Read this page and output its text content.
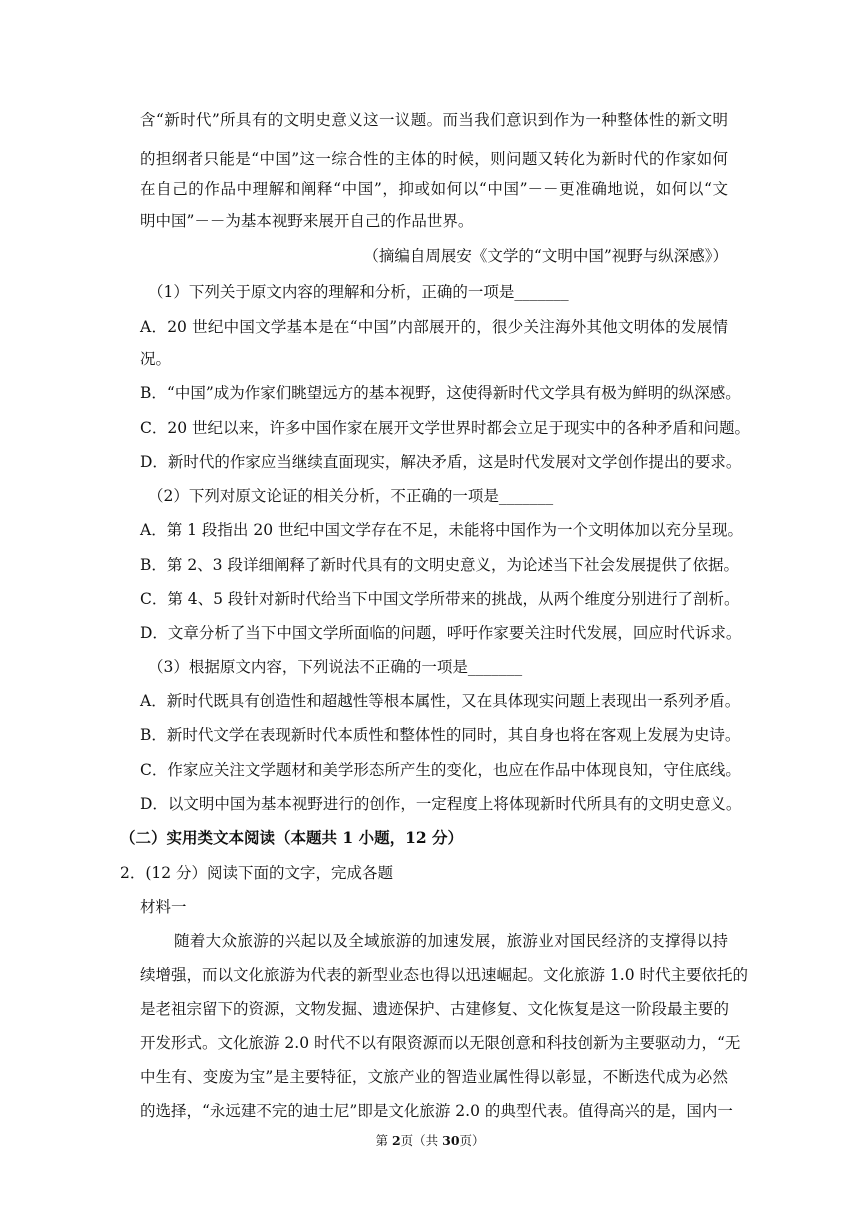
含“新时代”所具有的文明史意义这一议题。而当我们意识到作为一种整体性的新文明
的担纲者只能是“中国”这一综合性的主体的时候，则问题又转化为新时代的作家如何
在自己的作品中理解和阐释“中国”，抑或如何以“中国”－－更准确地说，如何以“文
明中国”－－为基本视野来展开自己的作品世界。
（摘编自周展安《文学的“文明中国”视野与纵深感》）
（1）下列关于原文内容的理解和分析，正确的一项是_______
A．20 世纪中国文学基本是在“中国”内部展开的，很少关注海外其他文明体的发展情
况。
B．“中国”成为作家们眺望远方的基本视野，这使得新时代文学具有极为鲜明的纵深感。
C．20 世纪以来，许多中国作家在展开文学世界时都会立足于现实中的各种矛盾和问题。
D．新时代的作家应当继续直面现实，解决矛盾，这是时代发展对文学创作提出的要求。
（2）下列对原文论证的相关分析，不正确的一项是_______
A．第 1 段指出 20 世纪中国文学存在不足，未能将中国作为一个文明体加以充分呈现。
B．第 2、3 段详细阐释了新时代具有的文明史意义，为论述当下社会发展提供了依据。
C．第 4、5 段针对新时代给当下中国文学所带来的挑战，从两个维度分别进行了剖析。
D．文章分析了当下中国文学所面临的问题，呼吁作家要关注时代发展，回应时代诉求。
（3）根据原文内容，下列说法不正确的一项是_______
A．新时代既具有创造性和超越性等根本属性，又在具体现实问题上表现出一系列矛盾。
B．新时代文学在表现新时代本质性和整体性的同时，其自身也将在客观上发展为史诗。
C．作家应关注文学题材和美学形态所产生的变化，也应在作品中体现良知，守住底线。
D．以文明中国为基本视野进行的创作，一定程度上将体现新时代所具有的文明史意义。
（二）实用类文本阅读（本题共 1 小题，12 分）
2．(12 分）阅读下面的文字，完成各题
材料一
随着大众旅游的兴起以及全域旅游的加速发展，旅游业对国民经济的支撑得以持
续增强，而以文化旅游为代表的新型业态也得以迅速崛起。文化旅游 1.0 时代主要依托的
是老祖宗留下的资源，文物发掘、遗迹保护、古建修复、文化恢复是这一阶段最主要的
开发形式。文化旅游 2.0 时代不以有限资源而以无限创意和科技创新为主要驱动力，“无
中生有、变废为宝”是主要特征，文旅产业的智造业属性得以彰显，不断迭代成为必然
的选择，“永远建不完的迪士尼”即是文化旅游 2.0 的典型代表。值得高兴的是，国内一
第 2页（共 30页）
